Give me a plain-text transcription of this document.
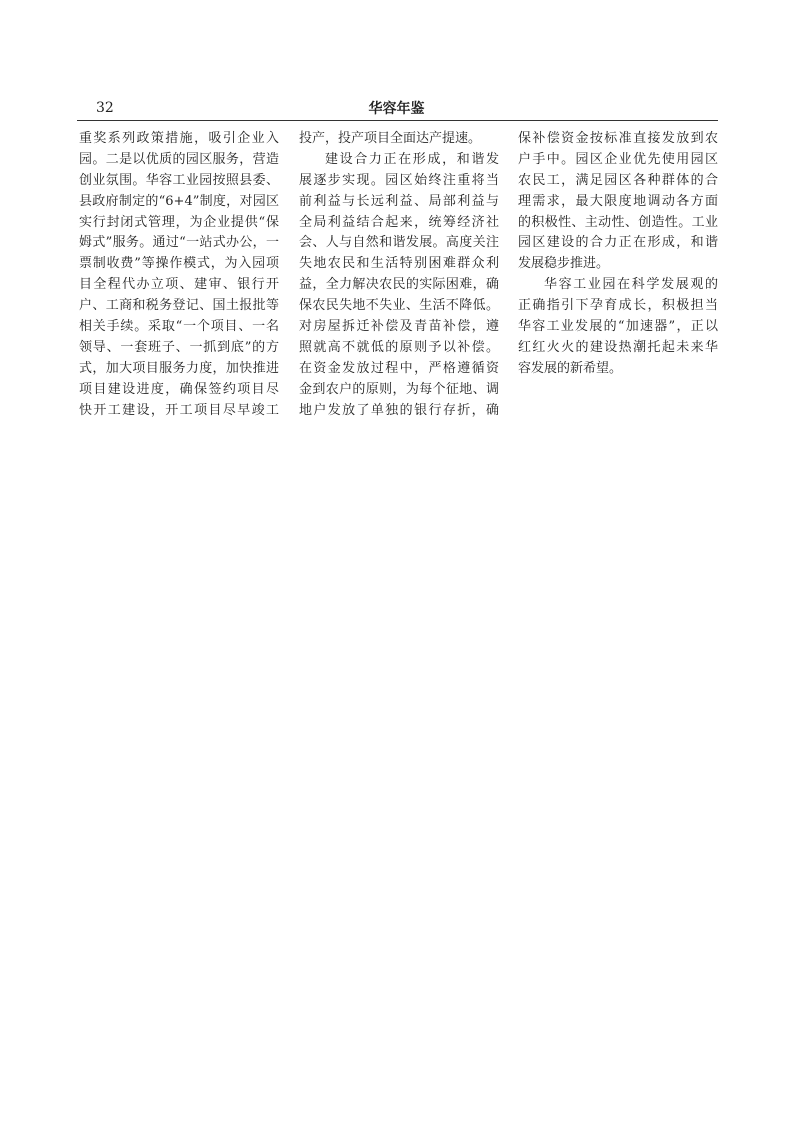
32	华容年鉴
重奖系列政策措施，吸引企业入
园。二是以优质的园区服务，营造
创业氛围。华容工业园按照县委、
县政府制定的“6+4”制度，对园区
实行封闭式管理，为企业提供“保
姆式”服务。通过“一站式办公，一
票制收费”等操作模式，为入园项
目全程代办立项、建审、银行开
户、工商和税务登记、国土报批等
相关手续。采取“一个项目、一名
领导、一套班子、一抓到底”的方
式，加大项目服务力度，加快推进
项目建设进度，确保签约项目尽
快开工建设，开工项目尽早竣工
投产，投产项目全面达产提速。
建设合力正在形成，和谐发
展逐步实现。园区始终注重将当
前利益与长远利益、局部利益与
全局利益结合起来，统筹经济社
会、人与自然和谐发展。高度关注
失地农民和生活特别困难群众利
益，全力解决农民的实际困难，确
保农民失地不失业、生活不降低。
对房屋拆迁补偿及青苗补偿，遵
照就高不就低的原则予以补偿。
在资金发放过程中，严格遵循资
金到农户的原则，为每个征地、调
地户发放了单独的银行存折，确
保补偿资金按标准直接发放到农
户手中。园区企业优先使用园区
农民工，满足园区各种群体的合
理需求，最大限度地调动各方面
的积极性、主动性、创造性。工业
园区建设的合力正在形成，和谐
发展稳步推进。
华容工业园在科学发展观的
正确指引下孕育成长，积极担当
华容工业发展的“加速器”，正以
红红火火的建设热潮托起未来华
容发展的新希望。
